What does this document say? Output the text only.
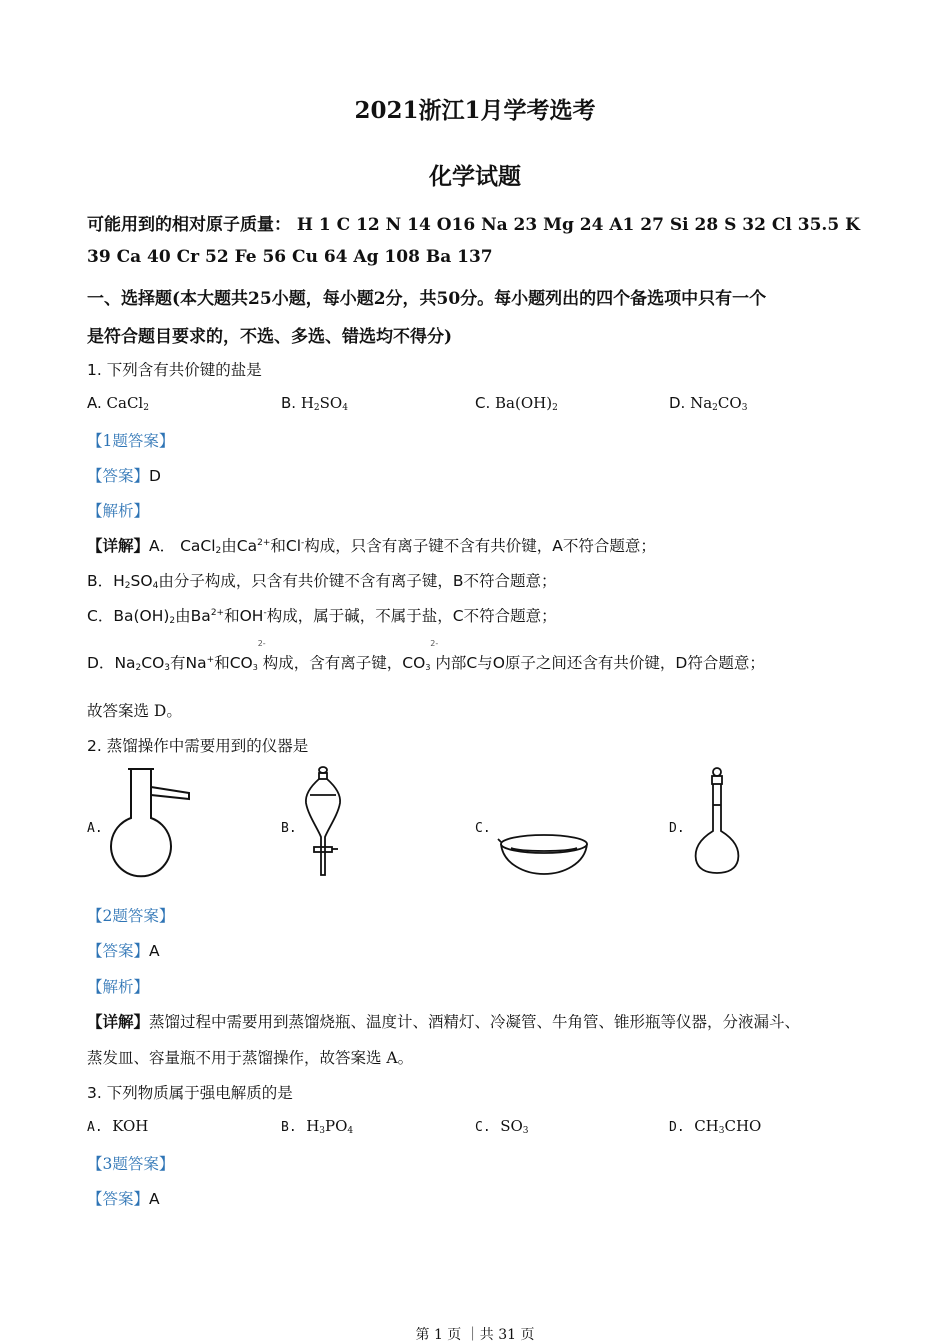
2021浙江1月学考选考
化学试题
可能用到的相对原子质量： H 1 C 12 N 14 O16 Na 23 Mg 24 A1 27 Si 28 S 32 Cl 35.5 K
39 Ca 40 Cr 52 Fe 56 Cu 64 Ag 108 Ba 137
一、选择题(本大题共25小题，每小题2分，共50分。每小题列出的四个备选项中只有一个
是符合题目要求的，不选、多选、错选均不得分)
1. 下列含有共价键的盐是
A. CaCl$_2$	B. $H_2SO_4$	C. $Ba(OH)_2$	D. $Na_2CO_3$
【1题答案】
【答案】D
【解析】
【详解】A． CaCl$_2$由$Ca^{2+}$和Cl-构成，只含有离子键不含有共价键，A不符合题意；
B．$H_2SO_4$由分子构成，只含有共价键不含有离子键，B不符合题意；
C．$Ba(OH)_2$由$Ba^{2+}$和OH-构成，属于碱，不属于盐，C不符合题意；
D．$Na_2CO_3$有Na+和$CO_3$
2-
构成，含有离子键，$CO_3$
2-
内部C与O原子之间还含有共价键，D符合题意；
故答案选 D。
2. 蒸馏操作中需要用到的仪器是
A.	B.	C.	D.
【2题答案】
【答案】A
【解析】
【详解】蒸馏过程中需要用到蒸馏烧瓶、温度计、酒精灯、冷凝管、牛角管、锥形瓶等仪器，分液漏斗、
蒸发皿、容量瓶不用于蒸馏操作，故答案选 A。
3. 下列物质属于强电解质的是
A. KOH	B.  $H_3PO_4$	C.  $SO_3$	D.  $CH_3CHO$
【3题答案】
【答案】A
第 1 页 ｜共 31 页
